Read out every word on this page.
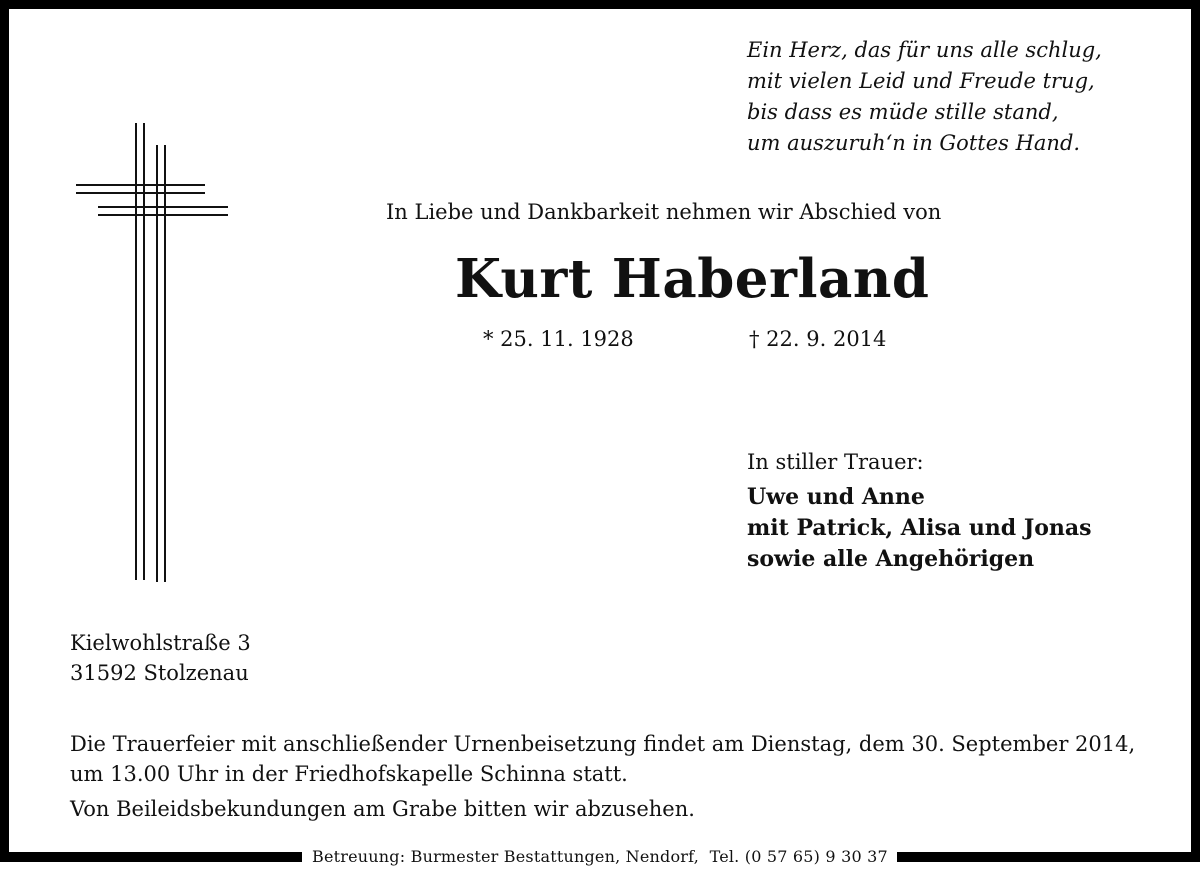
Ein Herz, das für uns alle schlug,
mit vielen Leid und Freude trug,
bis dass es müde stille stand,
um auszuruh‘n in Gottes Hand.
In Liebe und Dankbarkeit nehmen wir Abschied von
Kurt Haberland
* 25. 11. 1928	† 22. 9. 2014
In stiller Trauer:
Uwe und Anne
mit Patrick, Alisa und Jonas
sowie alle Angehörigen
Kielwohlstraße 3
31592 Stolzenau
Die Trauerfeier mit anschließender Urnenbeisetzung findet am Dienstag, dem 30. September 2014, um 13.00 Uhr in der Friedhofskapelle Schinna statt.
Von Beileidsbekundungen am Grabe bitten wir abzusehen.
Betreuung: Burmester Bestattungen, Nendorf,  Tel. (0 57 65) 9 30 37
